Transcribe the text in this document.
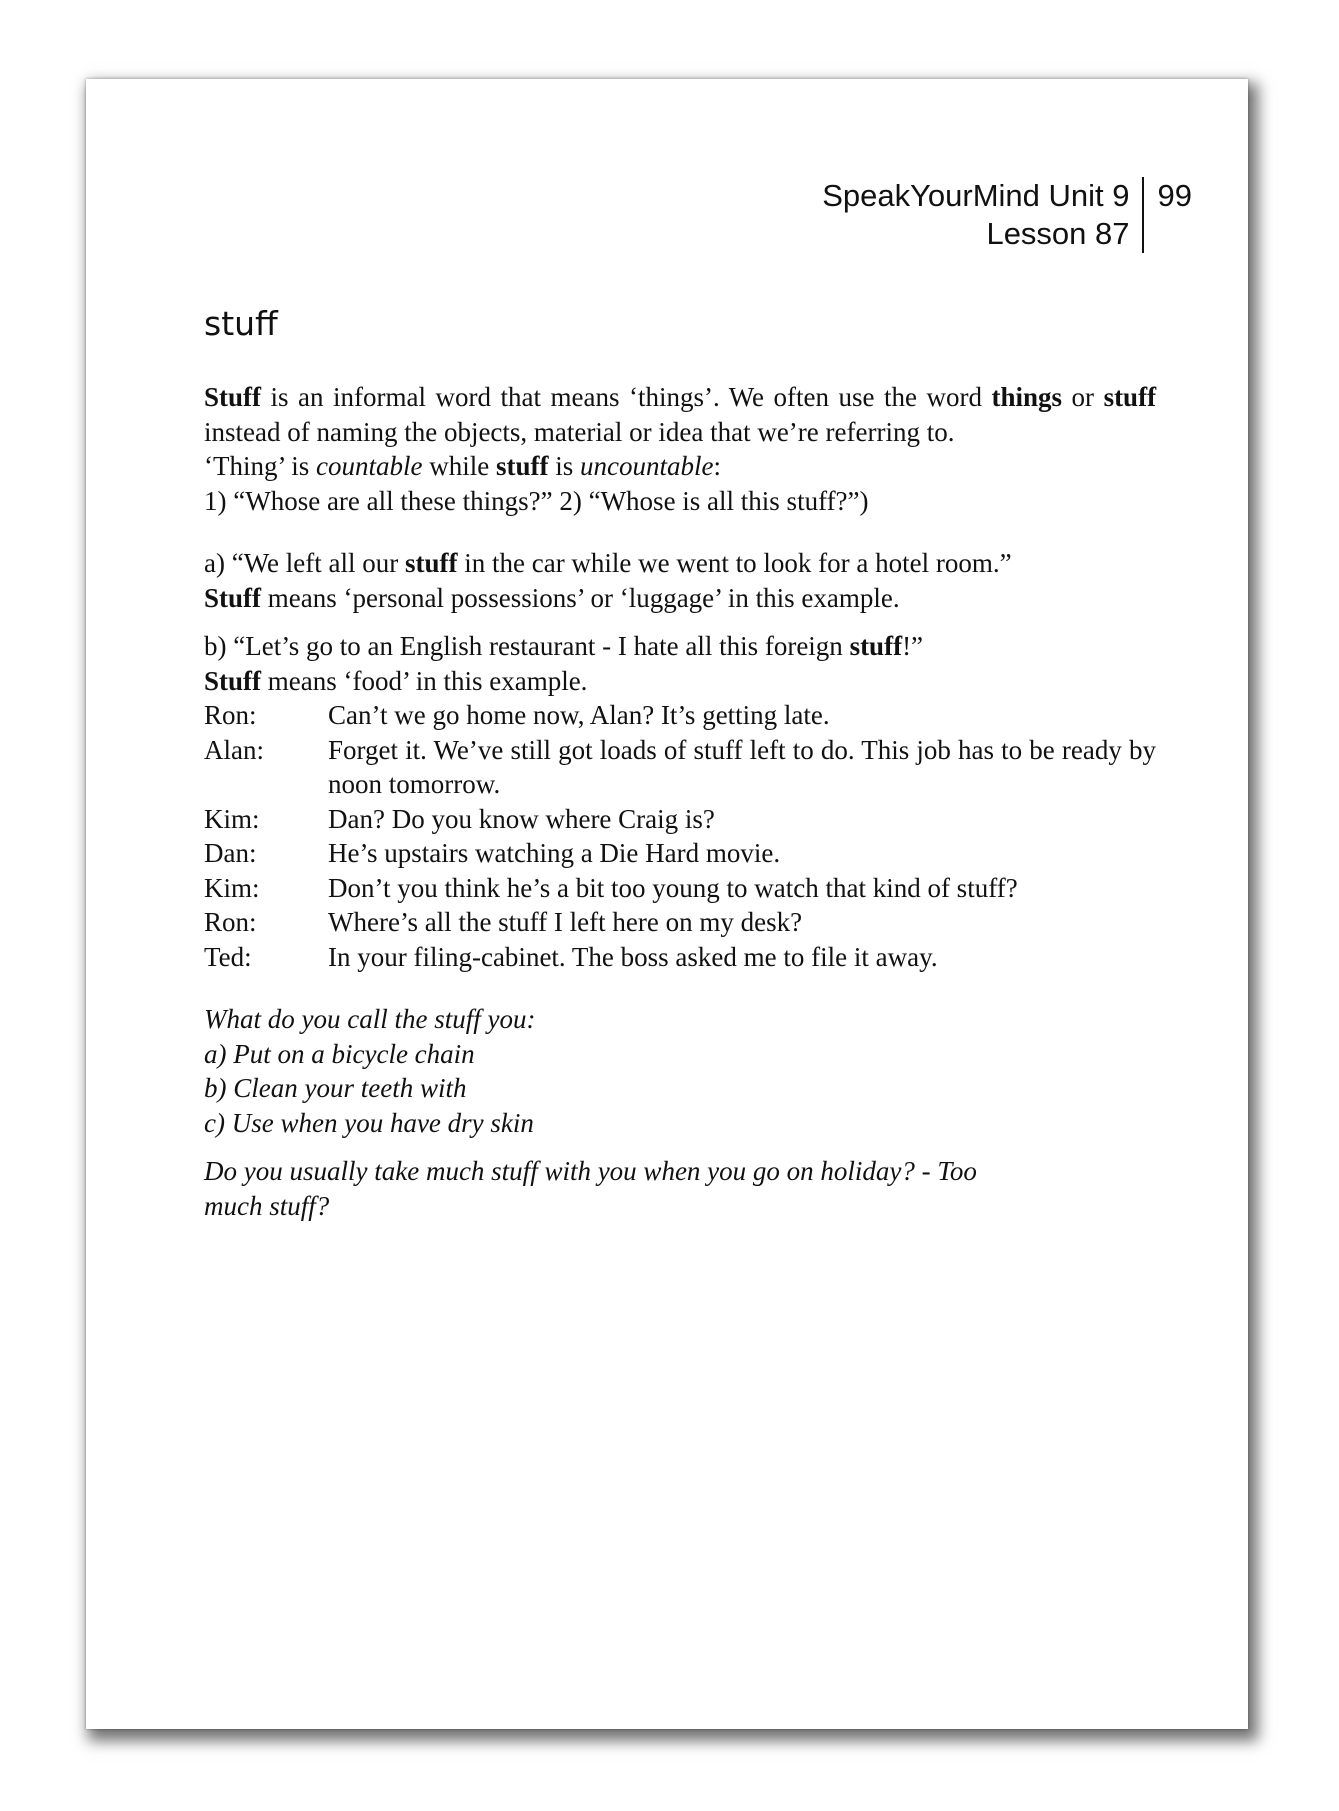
SpeakYourMind Unit 9
Lesson 87
99
stuff

Stuff is an informal word that means ‘things’. We often use the word things or stuff instead of naming the objects, material or idea that we’re referring to.

‘Thing’ is countable while stuff is uncountable:

1) “Whose are all these things?” 2) “Whose is all this stuff?”)

a) “We left all our stuff in the car while we went to look for a hotel room.”

Stuff means ‘personal possessions’ or ‘luggage’ in this example.

b) “Let’s go to an English restaurant - I hate all this foreign stuff!”

Stuff means ‘food’ in this example.

Ron:	Can’t we go home now, Alan? It’s getting late.
Alan:	Forget it. We’ve still got loads of stuff left to do. This job has to be ready by noon tomorrow.
Kim:	Dan? Do you know where Craig is?
Dan:	He’s upstairs watching a Die Hard movie.
Kim:	Don’t you think he’s a bit too young to watch that kind of stuff?
Ron:	Where’s all the stuff I left here on my desk?
Ted:	In your filing-cabinet. The boss asked me to file it away.

What do you call the stuff you:

a) Put on a bicycle chain

b) Clean your teeth with

c) Use when you have dry skin

Do you usually take much stuff with you when you go on holiday? - Too much stuff?
